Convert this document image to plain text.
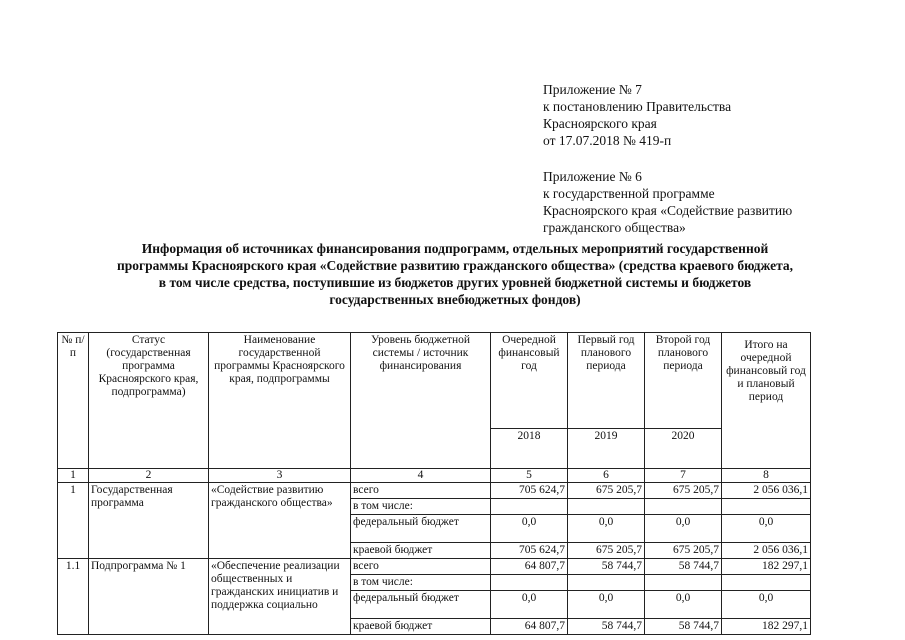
Приложение № 7
к постановлению Правительства
Красноярского края
от 17.07.2018 № 419-п
Приложение № 6
к государственной программе
Красноярского края «Содействие развитию
гражданского общества»
Информация об источниках финансирования подпрограмм, отдельных мероприятий государственной
программы Красноярского края «Содействие развитию гражданского общества» (средства краевого бюджета,
в том числе средства, поступившие из бюджетов других уровней бюджетной системы и бюджетов
государственных внебюджетных фондов)
№ п/п	Статус (государственная программа Красноярского края, подпрограмма)	Наименование государственной программы Красноярского края, подпрограммы	Уровень бюджетной системы / источник финансирования	Очередной финансовый год	Первый год планового периода	Второй год планового периода	Итого на очередной финансовый год и плановый период
				2018	2019	2020	
1	2	3	4	5	6	7	8
1	Государственная программа	«Содействие развитию гражданского общества»	всего	705 624,7	675 205,7	675 205,7	2 056 036,1
			в том числе:				
			федеральный бюджет	0,0	0,0	0,0	0,0
			краевой бюджет	705 624,7	675 205,7	675 205,7	2 056 036,1
1.1	Подпрограмма № 1	«Обеспечение реализации общественных и гражданских инициатив и поддержка социально	всего	64 807,7	58 744,7	58 744,7	182 297,1
			в том числе:				
			федеральный бюджет	0,0	0,0	0,0	0,0
			краевой бюджет	64 807,7	58 744,7	58 744,7	182 297,1
